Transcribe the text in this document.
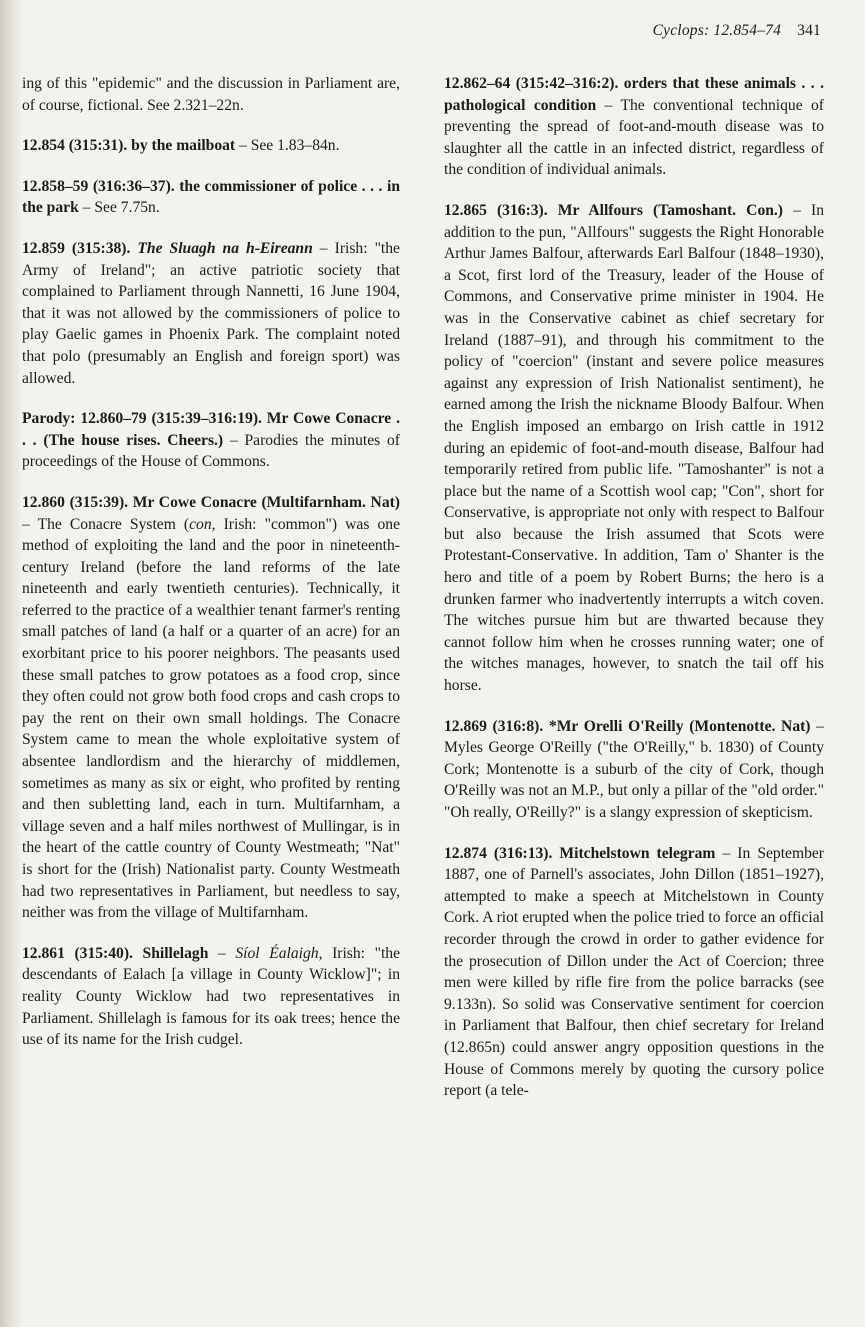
Cyclops: 12.854–74 341

ing of this "epidemic" and the discussion in Parliament are, of course, fictional. See 2.321–22n.

12.854 (315:31). by the mailboat – See 1.83–84n.

12.858–59 (316:36–37). the commissioner of police . . . in the park – See 7.75n.

12.859 (315:38). The Sluagh na h-Eireann – Irish: "the Army of Ireland"; an active patriotic society that complained to Parliament through Nannetti, 16 June 1904, that it was not allowed by the commissioners of police to play Gaelic games in Phoenix Park. The complaint noted that polo (presumably an English and foreign sport) was allowed.

Parody: 12.860–79 (315:39–316:19). Mr Cowe Conacre . . . (The house rises. Cheers.) – Parodies the minutes of proceedings of the House of Commons.

12.860 (315:39). Mr Cowe Conacre (Multifarnham. Nat) – The Conacre System (con, Irish: "common") was one method of exploiting the land and the poor in nineteenth-century Ireland (before the land reforms of the late nineteenth and early twentieth centuries). Technically, it referred to the practice of a wealthier tenant farmer's renting small patches of land (a half or a quarter of an acre) for an exorbitant price to his poorer neighbors. The peasants used these small patches to grow potatoes as a food crop, since they often could not grow both food crops and cash crops to pay the rent on their own small holdings. The Conacre System came to mean the whole exploitative system of absentee landlordism and the hierarchy of middlemen, sometimes as many as six or eight, who profited by renting and then subletting land, each in turn. Multifarnham, a village seven and a half miles northwest of Mullingar, is in the heart of the cattle country of County Westmeath; "Nat" is short for the (Irish) Nationalist party. County Westmeath had two representatives in Parliament, but needless to say, neither was from the village of Multifarnham.

12.861 (315:40). Shillelagh – Síol Éalaigh, Irish: "the descendants of Ealach [a village in County Wicklow]"; in reality County Wicklow had two representatives in Parliament. Shillelagh is famous for its oak trees; hence the use of its name for the Irish cudgel.

12.862–64 (315:42–316:2). orders that these animals . . . pathological condition – The conventional technique of preventing the spread of foot-and-mouth disease was to slaughter all the cattle in an infected district, regardless of the condition of individual animals.

12.865 (316:3). Mr Allfours (Tamoshant. Con.) – In addition to the pun, "Allfours" suggests the Right Honorable Arthur James Balfour, afterwards Earl Balfour (1848–1930), a Scot, first lord of the Treasury, leader of the House of Commons, and Conservative prime minister in 1904. He was in the Conservative cabinet as chief secretary for Ireland (1887–91), and through his commitment to the policy of "coercion" (instant and severe police measures against any expression of Irish Nationalist sentiment), he earned among the Irish the nickname Bloody Balfour. When the English imposed an embargo on Irish cattle in 1912 during an epidemic of foot-and-mouth disease, Balfour had temporarily retired from public life. "Tamoshanter" is not a place but the name of a Scottish wool cap; "Con", short for Conservative, is appropriate not only with respect to Balfour but also because the Irish assumed that Scots were Protestant-Conservative. In addition, Tam o' Shanter is the hero and title of a poem by Robert Burns; the hero is a drunken farmer who inadvertently interrupts a witch coven. The witches pursue him but are thwarted because they cannot follow him when he crosses running water; one of the witches manages, however, to snatch the tail off his horse.

12.869 (316:8). *Mr Orelli O'Reilly (Montenotte. Nat) – Myles George O'Reilly ("the O'Reilly," b. 1830) of County Cork; Montenotte is a suburb of the city of Cork, though O'Reilly was not an M.P., but only a pillar of the "old order." "Oh really, O'Reilly?" is a slangy expression of skepticism.

12.874 (316:13). Mitchelstown telegram – In September 1887, one of Parnell's associates, John Dillon (1851–1927), attempted to make a speech at Mitchelstown in County Cork. A riot erupted when the police tried to force an official recorder through the crowd in order to gather evidence for the prosecution of Dillon under the Act of Coercion; three men were killed by rifle fire from the police barracks (see 9.133n). So solid was Conservative sentiment for coercion in Parliament that Balfour, then chief secretary for Ireland (12.865n) could answer angry opposition questions in the House of Commons merely by quoting the cursory police report (a tele-
